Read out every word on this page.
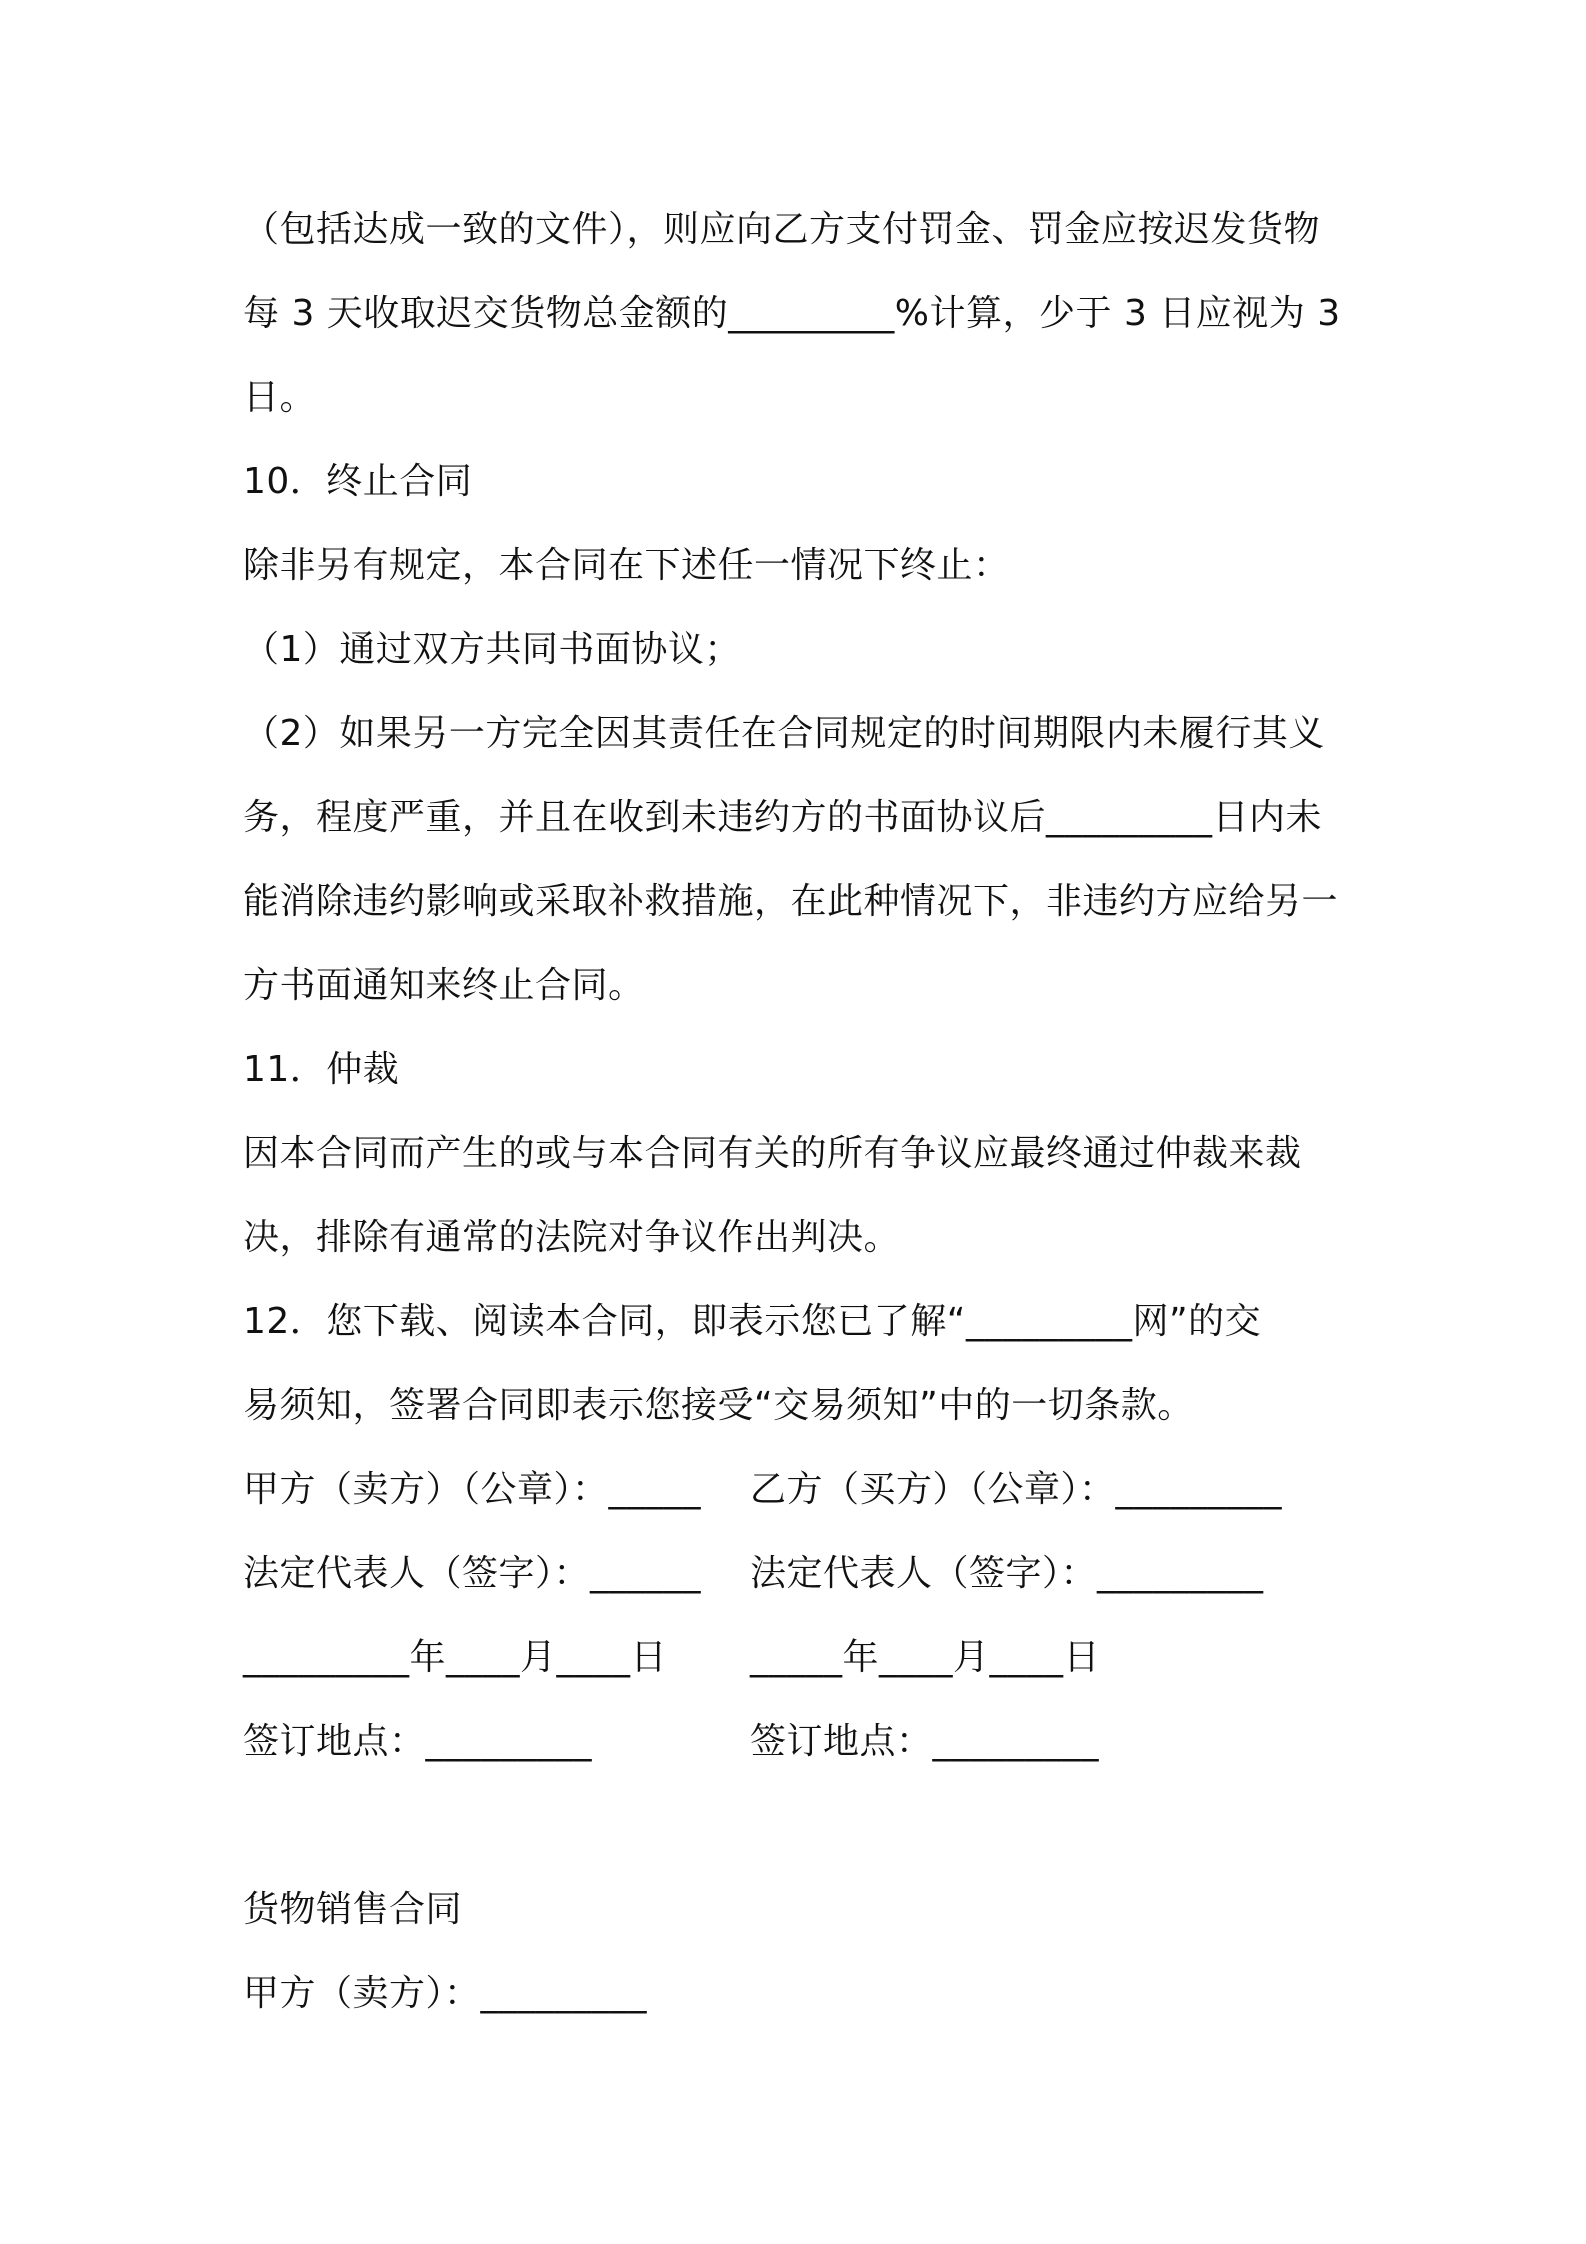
（包括达成一致的文件），则应向乙方支付罚金、罚金应按迟发货物
每 3 天收取迟交货物总金额的_________%计算，少于 3 日应视为 3
日。
10．终止合同
除非另有规定，本合同在下述任一情况下终止：
（1）通过双方共同书面协议；
（2）如果另一方完全因其责任在合同规定的时间期限内未履行其义
务，程度严重，并且在收到未违约方的书面协议后_________日内未
能消除违约影响或采取补救措施，在此种情况下，非违约方应给另一
方书面通知来终止合同。
11．仲裁
因本合同而产生的或与本合同有关的所有争议应最终通过仲裁来裁
决，排除有通常的法院对争议作出判决。
12．您下载、阅读本合同，即表示您已了解“_________网”的交
易须知，签署合同即表示您接受“交易须知”中的一切条款。
甲方（卖方）（公章）：_____ 乙方（买方）（公章）：_________
法定代表人（签字）：______ 法定代表人（签字）：_________
_________年____月____日 _____年____月____日
签订地点：_________	签订地点：_________
货物销售合同
甲方（卖方）：_________
